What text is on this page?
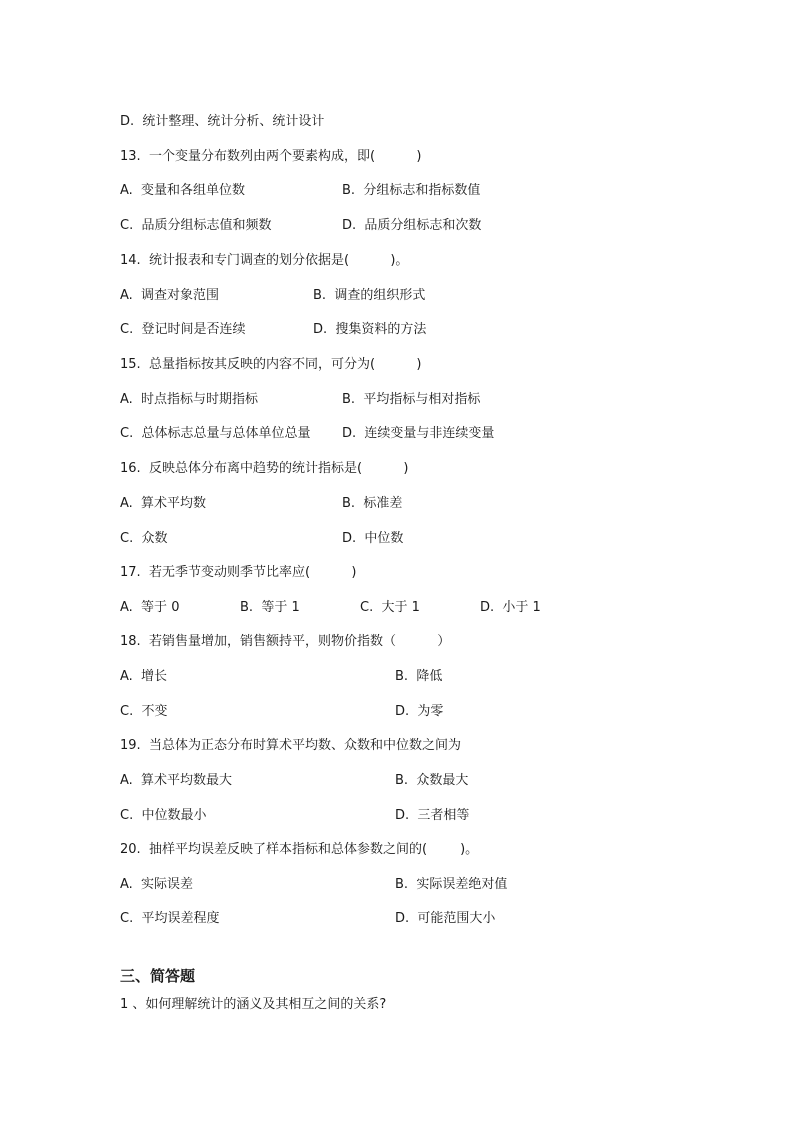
D.  统计整理、统计分析、统计设计
13.  一个变量分布数列由两个要素构成，即(          )
A.  变量和各组单位数	B.  分组标志和指标数值
C.  品质分组标志值和频数	D.  品质分组标志和次数
14.  统计报表和专门调查的划分依据是(          )。
A.  调查对象范围	B.  调查的组织形式
C.  登记时间是否连续	D.  搜集资料的方法
15.  总量指标按其反映的内容不同，可分为(          )
A.  时点指标与时期指标	B.  平均指标与相对指标
C.  总体标志总量与总体单位总量 D.  连续变量与非连续变量
16.  反映总体分布离中趋势的统计指标是(          )
A.  算术平均数	B.  标准差
C.  众数	D.  中位数
17.  若无季节变动则季节比率应(          )
A.  等于 0	B.  等于 1	C.  大于 1	D.  小于 1
18.  若销售量增加，销售额持平，则物价指数（          ）
A.  增长	B.  降低
C.  不变	D.  为零
19.  当总体为正态分布时算术平均数、众数和中位数之间为
A.  算术平均数最大	B.  众数最大
C.  中位数最小	D.  三者相等
20.  抽样平均误差反映了样本指标和总体参数之间的(        )。
A.  实际误差	B.  实际误差绝对值
C.  平均误差程度	D.  可能范围大小
三、简答题
1 、如何理解统计的涵义及其相互之间的关系?
